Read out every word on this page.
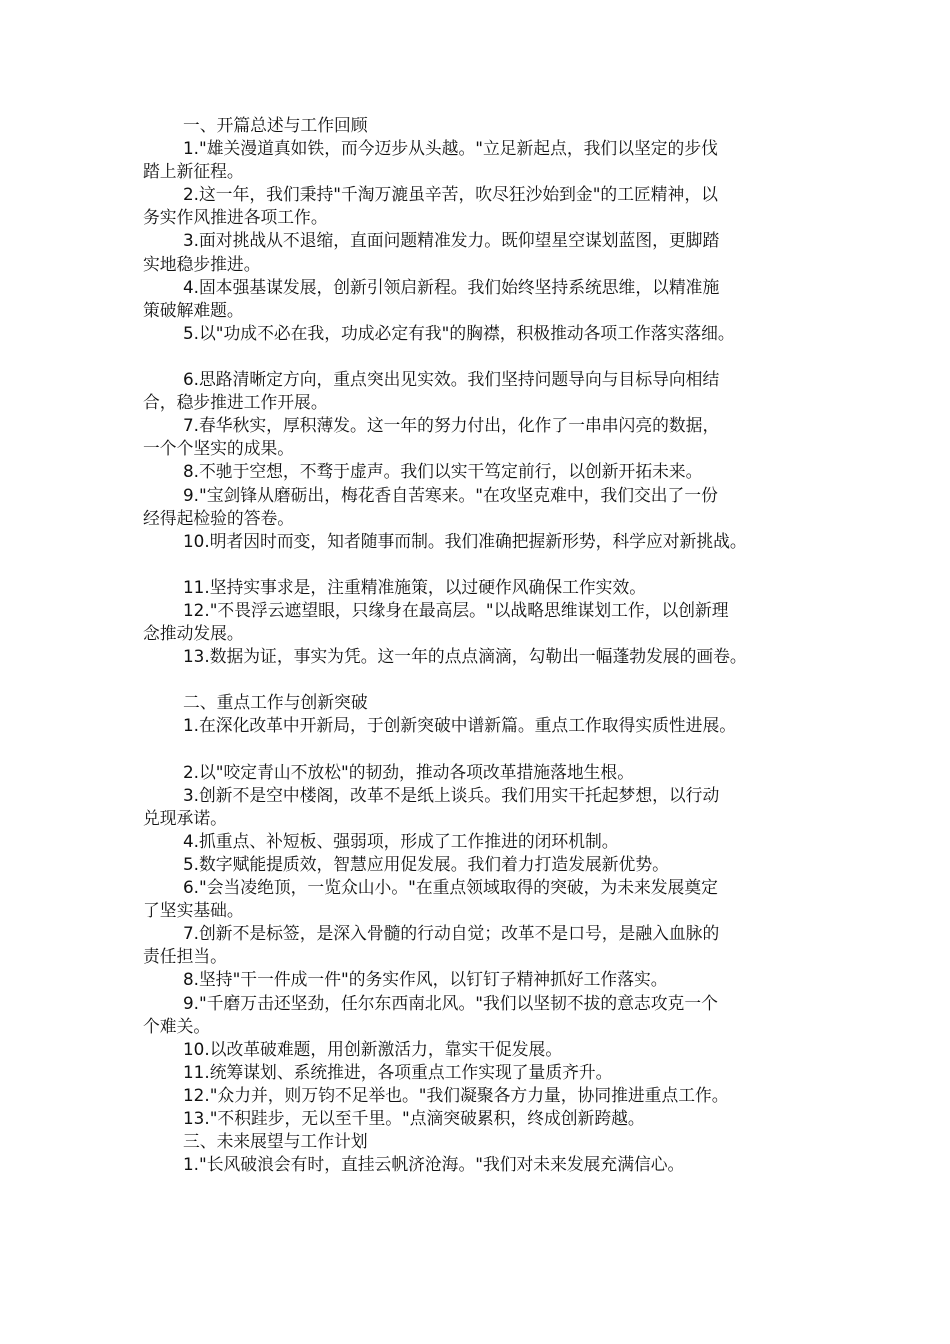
一、开篇总述与工作回顾

1."雄关漫道真如铁，而今迈步从头越。"立足新起点，我们以坚定的步伐

踏上新征程。

2.这一年，我们秉持"千淘万漉虽辛苦，吹尽狂沙始到金"的工匠精神，以

务实作风推进各项工作。

3.面对挑战从不退缩，直面问题精准发力。既仰望星空谋划蓝图，更脚踏

实地稳步推进。

4.固本强基谋发展，创新引领启新程。我们始终坚持系统思维，以精准施

策破解难题。

5.以"功成不必在我，功成必定有我"的胸襟，积极推动各项工作落实落细。

6.思路清晰定方向，重点突出见实效。我们坚持问题导向与目标导向相结

合，稳步推进工作开展。

7.春华秋实，厚积薄发。这一年的努力付出，化作了一串串闪亮的数据，

一个个坚实的成果。

8.不驰于空想，不骛于虚声。我们以实干笃定前行，以创新开拓未来。

9."宝剑锋从磨砺出，梅花香自苦寒来。"在攻坚克难中，我们交出了一份

经得起检验的答卷。

10.明者因时而变，知者随事而制。我们准确把握新形势，科学应对新挑战。

11.坚持实事求是，注重精准施策，以过硬作风确保工作实效。

12."不畏浮云遮望眼，只缘身在最高层。"以战略思维谋划工作，以创新理

念推动发展。

13.数据为证，事实为凭。这一年的点点滴滴，勾勒出一幅蓬勃发展的画卷。

二、重点工作与创新突破

1.在深化改革中开新局，于创新突破中谱新篇。重点工作取得实质性进展。

2.以"咬定青山不放松"的韧劲，推动各项改革措施落地生根。

3.创新不是空中楼阁，改革不是纸上谈兵。我们用实干托起梦想，以行动

兑现承诺。

4.抓重点、补短板、强弱项，形成了工作推进的闭环机制。

5.数字赋能提质效，智慧应用促发展。我们着力打造发展新优势。

6."会当凌绝顶，一览众山小。"在重点领域取得的突破，为未来发展奠定

了坚实基础。

7.创新不是标签，是深入骨髓的行动自觉；改革不是口号，是融入血脉的

责任担当。

8.坚持"干一件成一件"的务实作风，以钉钉子精神抓好工作落实。

9."千磨万击还坚劲，任尔东西南北风。"我们以坚韧不拔的意志攻克一个

个难关。

10.以改革破难题，用创新激活力，靠实干促发展。

11.统筹谋划、系统推进，各项重点工作实现了量质齐升。

12."众力并，则万钧不足举也。"我们凝聚各方力量，协同推进重点工作。

13."不积跬步，无以至千里。"点滴突破累积，终成创新跨越。

三、未来展望与工作计划

1."长风破浪会有时，直挂云帆济沧海。"我们对未来发展充满信心。
